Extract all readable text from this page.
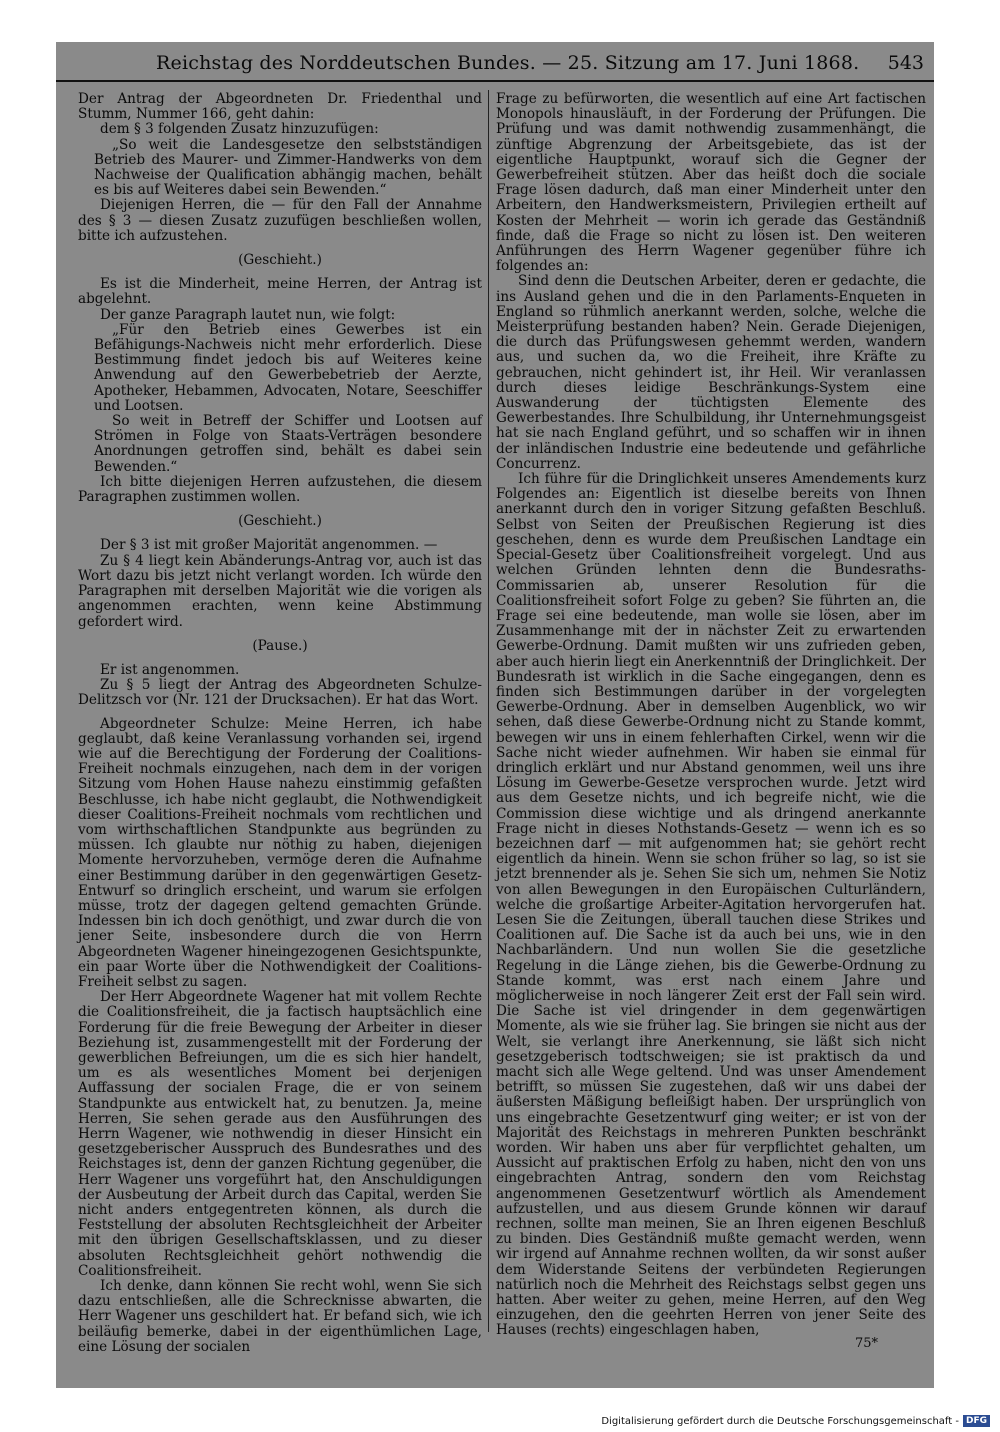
Reichstag des Norddeutschen Bundes. — 25. Sitzung am 17. Juni 1868. 543

Der Antrag der Abgeordneten Dr. Friedenthal und Stumm, Nummer 166, geht dahin:

dem § 3 folgenden Zusatz hinzuzufügen:

„So weit die Landesgesetze den selbstständigen Betrieb des Maurer- und Zimmer-Handwerks von dem Nachweise der Qualification abhängig machen, behält es bis auf Weiteres dabei sein Bewenden.“

Diejenigen Herren, die — für den Fall der Annahme des § 3 — diesen Zusatz zuzufügen beschließen wollen, bitte ich aufzustehen.

(Geschieht.)

Es ist die Minderheit, meine Herren, der Antrag ist abgelehnt.

Der ganze Paragraph lautet nun, wie folgt:

„Für den Betrieb eines Gewerbes ist ein Befähigungs-Nachweis nicht mehr erforderlich. Diese Bestimmung findet jedoch bis auf Weiteres keine Anwendung auf den Gewerbebetrieb der Aerzte, Apotheker, Hebammen, Advocaten, Notare, Seeschiffer und Lootsen.

So weit in Betreff der Schiffer und Lootsen auf Strömen in Folge von Staats-Verträgen besondere Anordnungen getroffen sind, behält es dabei sein Bewenden.“

Ich bitte diejenigen Herren aufzustehen, die diesem Paragraphen zustimmen wollen.

(Geschieht.)

Der § 3 ist mit großer Majorität angenommen. —

Zu § 4 liegt kein Abänderungs-Antrag vor, auch ist das Wort dazu bis jetzt nicht verlangt worden. Ich würde den Paragraphen mit derselben Majorität wie die vorigen als angenommen erachten, wenn keine Abstimmung gefordert wird.

(Pause.)

Er ist angenommen.

Zu § 5 liegt der Antrag des Abgeordneten Schulze-Delitzsch vor (Nr. 121 der Drucksachen). Er hat das Wort.

Abgeordneter Schulze: Meine Herren, ich habe geglaubt, daß keine Veranlassung vorhanden sei, irgend wie auf die Berechtigung der Forderung der Coalitions-Freiheit nochmals einzugehen, nach dem in der vorigen Sitzung vom Hohen Hause nahezu einstimmig gefaßten Beschlusse, ich habe nicht geglaubt, die Nothwendigkeit dieser Coalitions-Freiheit nochmals vom rechtlichen und vom wirthschaftlichen Standpunkte aus begründen zu müssen. Ich glaubte nur nöthig zu haben, diejenigen Momente hervorzuheben, vermöge deren die Aufnahme einer Bestimmung darüber in den gegenwärtigen Gesetz-Entwurf so dringlich erscheint, und warum sie erfolgen müsse, trotz der dagegen geltend gemachten Gründe. Indessen bin ich doch genöthigt, und zwar durch die von jener Seite, insbesondere durch die von Herrn Abgeordneten Wagener hineingezogenen Gesichtspunkte, ein paar Worte über die Nothwendigkeit der Coalitions-Freiheit selbst zu sagen.

Der Herr Abgeordnete Wagener hat mit vollem Rechte die Coalitionsfreiheit, die ja factisch hauptsächlich eine Forderung für die freie Bewegung der Arbeiter in dieser Beziehung ist, zusammengestellt mit der Forderung der gewerblichen Befreiungen, um die es sich hier handelt, um es als wesentliches Moment bei derjenigen Auffassung der socialen Frage, die er von seinem Standpunkte aus entwickelt hat, zu benutzen. Ja, meine Herren, Sie sehen gerade aus den Ausführungen des Herrn Wagener, wie nothwendig in dieser Hinsicht ein gesetzgeberischer Ausspruch des Bundesrathes und des Reichstages ist, denn der ganzen Richtung gegenüber, die Herr Wagener uns vorgeführt hat, den Anschuldigungen der Ausbeutung der Arbeit durch das Capital, werden Sie nicht anders entgegentreten können, als durch die Feststellung der absoluten Rechtsgleichheit der Arbeiter mit den übrigen Gesellschaftsklassen, und zu dieser absoluten Rechtsgleichheit gehört nothwendig die Coalitionsfreiheit.

Ich denke, dann können Sie recht wohl, wenn Sie sich dazu entschließen, alle die Schrecknisse abwarten, die Herr Wagener uns geschildert hat. Er befand sich, wie ich beiläufig bemerke, dabei in der eigenthümlichen Lage, eine Lösung der socialen

Frage zu befürworten, die wesentlich auf eine Art factischen Monopols hinausläuft, in der Forderung der Prüfungen. Die Prüfung und was damit nothwendig zusammenhängt, die zünftige Abgrenzung der Arbeitsgebiete, das ist der eigentliche Hauptpunkt, worauf sich die Gegner der Gewerbefreiheit stützen. Aber das heißt doch die sociale Frage lösen dadurch, daß man einer Minderheit unter den Arbeitern, den Handwerksmeistern, Privilegien ertheilt auf Kosten der Mehrheit — worin ich gerade das Geständniß finde, daß die Frage so nicht zu lösen ist. Den weiteren Anführungen des Herrn Wagener gegenüber führe ich folgendes an:

Sind denn die Deutschen Arbeiter, deren er gedachte, die ins Ausland gehen und die in den Parlaments-Enqueten in England so rühmlich anerkannt werden, solche, welche die Meisterprüfung bestanden haben? Nein. Gerade Diejenigen, die durch das Prüfungswesen gehemmt werden, wandern aus, und suchen da, wo die Freiheit, ihre Kräfte zu gebrauchen, nicht gehindert ist, ihr Heil. Wir veranlassen durch dieses leidige Beschränkungs-System eine Auswanderung der tüchtigsten Elemente des Gewerbestandes. Ihre Schulbildung, ihr Unternehmungsgeist hat sie nach England geführt, und so schaffen wir in ihnen der inländischen Industrie eine bedeutende und gefährliche Concurrenz.

Ich führe für die Dringlichkeit unseres Amendements kurz Folgendes an: Eigentlich ist dieselbe bereits von Ihnen anerkannt durch den in voriger Sitzung gefaßten Beschluß. Selbst von Seiten der Preußischen Regierung ist dies geschehen, denn es wurde dem Preußischen Landtage ein Special-Gesetz über Coalitionsfreiheit vorgelegt. Und aus welchen Gründen lehnten denn die Bundesraths-Commissarien ab, unserer Resolution für die Coalitionsfreiheit sofort Folge zu geben? Sie führten an, die Frage sei eine bedeutende, man wolle sie lösen, aber im Zusammenhange mit der in nächster Zeit zu erwartenden Gewerbe-Ordnung. Damit mußten wir uns zufrieden geben, aber auch hierin liegt ein Anerkenntniß der Dringlichkeit. Der Bundesrath ist wirklich in die Sache eingegangen, denn es finden sich Bestimmungen darüber in der vorgelegten Gewerbe-Ordnung. Aber in demselben Augenblick, wo wir sehen, daß diese Gewerbe-Ordnung nicht zu Stande kommt, bewegen wir uns in einem fehlerhaften Cirkel, wenn wir die Sache nicht wieder aufnehmen. Wir haben sie einmal für dringlich erklärt und nur Abstand genommen, weil uns ihre Lösung im Gewerbe-Gesetze versprochen wurde. Jetzt wird aus dem Gesetze nichts, und ich begreife nicht, wie die Commission diese wichtige und als dringend anerkannte Frage nicht in dieses Nothstands-Gesetz — wenn ich es so bezeichnen darf — mit aufgenommen hat; sie gehört recht eigentlich da hinein. Wenn sie schon früher so lag, so ist sie jetzt brennender als je. Sehen Sie sich um, nehmen Sie Notiz von allen Bewegungen in den Europäischen Culturländern, welche die großartige Arbeiter-Agitation hervorgerufen hat. Lesen Sie die Zeitungen, überall tauchen diese Strikes und Coalitionen auf. Die Sache ist da auch bei uns, wie in den Nachbarländern. Und nun wollen Sie die gesetzliche Regelung in die Länge ziehen, bis die Gewerbe-Ordnung zu Stande kommt, was erst nach einem Jahre und möglicherweise in noch längerer Zeit erst der Fall sein wird. Die Sache ist viel dringender in dem gegenwärtigen Momente, als wie sie früher lag. Sie bringen sie nicht aus der Welt, sie verlangt ihre Anerkennung, sie läßt sich nicht gesetzgeberisch todtschweigen; sie ist praktisch da und macht sich alle Wege geltend. Und was unser Amendement betrifft, so müssen Sie zugestehen, daß wir uns dabei der äußersten Mäßigung befleißigt haben. Der ursprünglich von uns eingebrachte Gesetzentwurf ging weiter; er ist von der Majorität des Reichstags in mehreren Punkten beschränkt worden. Wir haben uns aber für verpflichtet gehalten, um Aussicht auf praktischen Erfolg zu haben, nicht den von uns eingebrachten Antrag, sondern den vom Reichstag angenommenen Gesetzentwurf wörtlich als Amendement aufzustellen, und aus diesem Grunde können wir darauf rechnen, sollte man meinen, Sie an Ihren eigenen Beschluß zu binden. Dies Geständniß mußte gemacht werden, wenn wir irgend auf Annahme rechnen wollten, da wir sonst außer dem Widerstande Seitens der verbündeten Regierungen natürlich noch die Mehrheit des Reichstags selbst gegen uns hatten. Aber weiter zu gehen, meine Herren, auf den Weg einzugehen, den die geehrten Herren von jener Seite des Hauses (rechts) eingeschlagen haben,

75*
Digitalisierung gefördert durch die Deutsche Forschungsgemeinschaft - DFG
